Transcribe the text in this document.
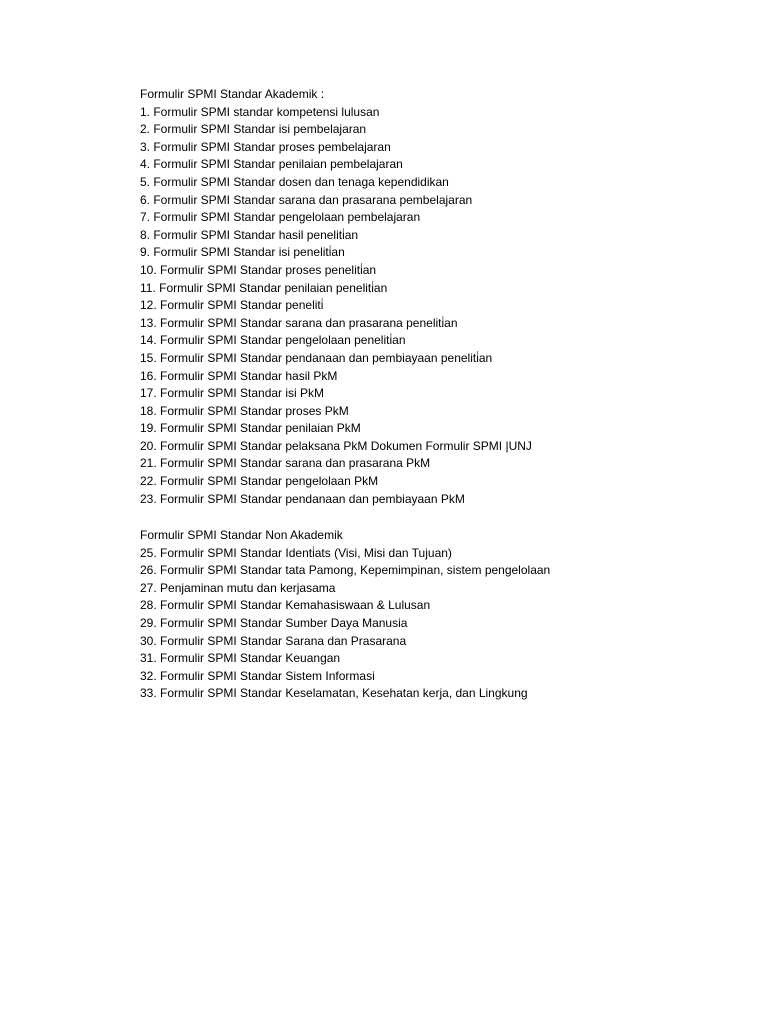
Formulir SPMI Standar Akademik :
1. Formulir SPMI standar kompetensi lulusan
2. Formulir SPMI Standar isi pembelajaran
3. Formulir SPMI Standar proses pembelajaran
4. Formulir SPMI Standar penilaian pembelajaran
5. Formulir SPMI Standar dosen dan tenaga kependidikan
6. Formulir SPMI Standar sarana dan prasarana pembelajaran
7. Formulir SPMI Standar pengelolaan pembelajaran
8. Formulir SPMI Standar hasil peneliti̇an
9. Formulir SPMI Standar isi peneliti̇an
10. Formulir SPMI Standar proses peneliti̇an
11. Formulir SPMI Standar penilaian peneliti̇an
12. Formulir SPMI Standar peneliti̇
13. Formulir SPMI Standar sarana dan prasarana peneliti̇an
14. Formulir SPMI Standar pengelolaan peneliti̇an
15. Formulir SPMI Standar pendanaan dan pembiayaan peneliti̇an
16. Formulir SPMI Standar hasil PkM
17. Formulir SPMI Standar isi PkM
18. Formulir SPMI Standar proses PkM
19. Formulir SPMI Standar penilaian PkM
20. Formulir SPMI Standar pelaksana PkM Dokumen Formulir SPMI |UNJ
21. Formulir SPMI Standar sarana dan prasarana PkM
22. Formulir SPMI Standar pengelolaan PkM
23. Formulir SPMI Standar pendanaan dan pembiayaan PkM
Formulir SPMI Standar Non Akademik
25. Formulir SPMI Standar Identi̇ats (Visi, Misi dan Tujuan)
26. Formulir SPMI Standar tata Pamong, Kepemimpinan, sistem pengelolaan
27. Penjaminan mutu dan kerjasama
28. Formulir SPMI Standar Kemahasiswaan & Lulusan
29. Formulir SPMI Standar Sumber Daya Manusia
30. Formulir SPMI Standar Sarana dan Prasarana
31. Formulir SPMI Standar Keuangan
32. Formulir SPMI Standar Sistem Informasi
33. Formulir SPMI Standar Keselamatan, Kesehatan kerja, dan Lingkung
